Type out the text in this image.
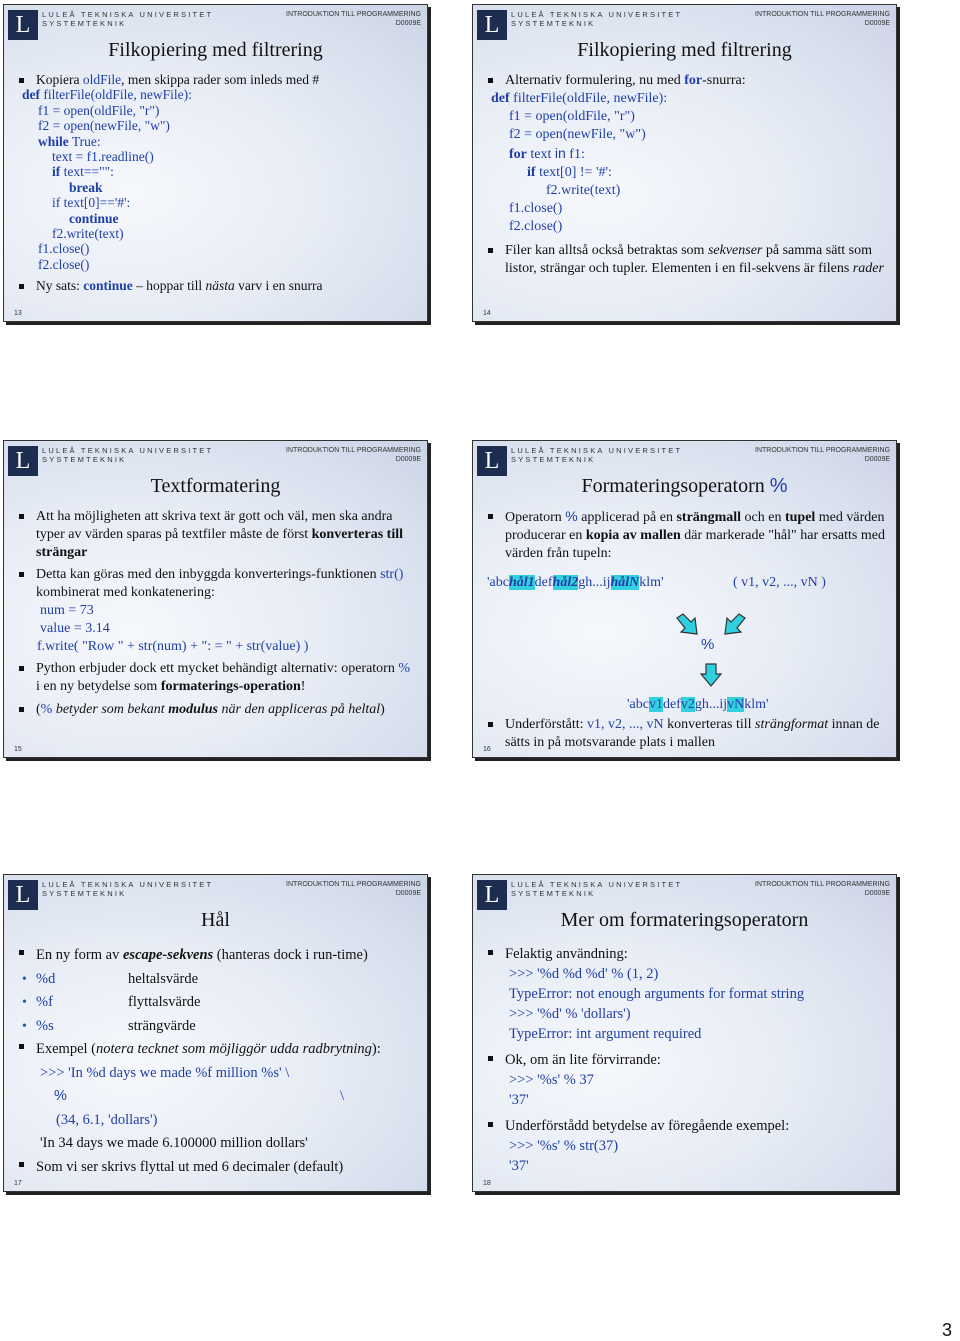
L	LULEÅ TEKNISKA UNIVERSITET
SYSTEMTEKNIK
INTRODUKTION TILL PROGRAMMERING
D0009E
Filkopiering med filtrering
Kopiera oldFile, men skippa rader som inleds med #
def filterFile(oldFile, newFile):
f1 = open(oldFile, "r")
f2 = open(newFile, "w")
while True:
text = f1.readline()
if text=="":
break
if text[0]=='#':
continue
f2.write(text)
f1.close()
f2.close()
Ny sats: continue – hoppar till nästa varv i en snurra
13
L	LULEÅ TEKNISKA UNIVERSITET
SYSTEMTEKNIK
INTRODUKTION TILL PROGRAMMERING
D0009E
Filkopiering med filtrering
Alternativ formulering, nu med for-snurra:
def filterFile(oldFile, newFile):
f1 = open(oldFile, "r")
f2 = open(newFile, "w")
for text in f1:
if text[0] != '#':
f2.write(text)
f1.close()
f2.close()
Filer kan alltså också betraktas som sekvenser på samma sätt som listor, strängar och tupler. Elementen i en fil-sekvens är filens rader
14
L	LULEÅ TEKNISKA UNIVERSITET
SYSTEMTEKNIK
INTRODUKTION TILL PROGRAMMERING
D0009E
Textformatering
Att ha möjligheten att skriva text är gott och väl, men ska andra typer av värden sparas på textfiler måste de först konverteras till strängar
Detta kan göras med den inbyggda konverterings-funktionen str() kombinerat med konkatenering:
num = 73
value = 3.14
f.write( "Row " + str(num) + ": = " + str(value) )
Python erbjuder dock ett mycket behändigt alternativ: operatorn % i en ny betydelse som formaterings-operation!
(% betyder som bekant modulus när den appliceras på heltal)
15
L	LULEÅ TEKNISKA UNIVERSITET
SYSTEMTEKNIK
INTRODUKTION TILL PROGRAMMERING
D0009E
Formateringsoperatorn %
Operatorn % applicerad på en strängmall och en tupel med värden producerar en kopia av mallen där markerade "hål" har ersatts med värden från tupeln:
'abchål1defhål2gh...ijhålNklm'	( v1, v2, ..., vN )
%
'abcv1defv2gh...ijvNklm'
Underförstått: v1, v2, ..., vN konverteras till strängformat innan de sätts in på motsvarande plats i mallen
16
L	LULEÅ TEKNISKA UNIVERSITET
SYSTEMTEKNIK
INTRODUKTION TILL PROGRAMMERING
D0009E
Hål
En ny form av escape-sekvens (hanteras dock i run-time)
• %d	heltalsvärde
• %f	flyttalsvärde
• %s	strängvärde
Exempel (notera tecknet som möjliggör udda radbrytning):
>>> 'In %d days we made %f million %s' \
%	\
(34, 6.1, 'dollars')
'In 34 days we made 6.100000 million dollars'
Som vi ser skrivs flyttal ut med 6 decimaler (default)
17
L	LULEÅ TEKNISKA UNIVERSITET
SYSTEMTEKNIK
INTRODUKTION TILL PROGRAMMERING
D0009E
Mer om formateringsoperatorn
Felaktig användning:
>>> '%d %d %d' % (1, 2)
TypeError: not enough arguments for format string
>>> '%d' % 'dollars')
TypeError: int argument required
Ok, om än lite förvirrande:
>>> '%s' % 37
'37'
Underförstådd betydelse av föregående exempel:
>>> '%s' % str(37)
'37'
18
3
